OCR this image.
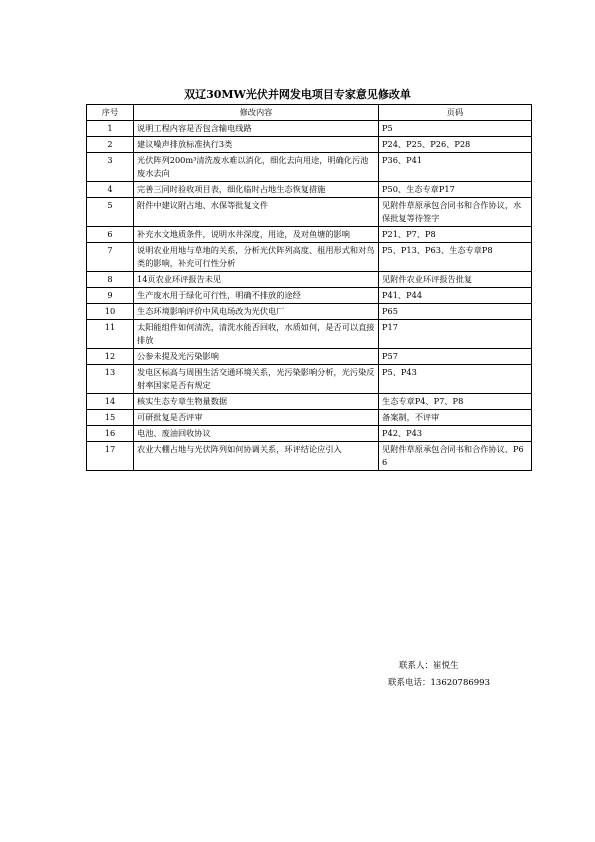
双辽30MW光伏并网发电项目专家意见修改单
序号	修改内容	页码
1	说明工程内容是否包含输电线路	P5
2	建议噪声排放标准执行3类	P24、P25、P26、P28
3	光伏阵列200m³清洗废水难以消化，细化去向用途，明确化污池废水去向	P36、P41
4	完善三同时验收项目表，细化临时占地生态恢复措施	P50、生态专章P17
5	附件中建议附占地、水保等批复文件	见附件草原承包合同书和合作协议，水保批复等待签字
6	补充水文地质条件，说明水井深度，用途，及对鱼塘的影响	P21、P7、P8
7	说明农业用地与草地的关系，分析光伏阵列高度、租用形式和对鸟类的影响，补充可行性分析	P5、P13、P63、生态专章P8
8	14页农业环评报告未见	见附件农业环评报告批复
9	生产废水用于绿化可行性，明确不排放的途经	P41、P44
10	生态环境影响评价中风电场改为光伏电厂	P65
11	太阳能组件如何清洗，清洗水能否回收，水质如何，是否可以直接排放	P17
12	公参未提及光污染影响	P57
13	发电区标高与周围生活交通环境关系，光污染影响分析，光污染反射率国家是否有规定	P5、P43
14	核实生态专章生物量数据	生态专章P4、P7、P8
15	可研批复是否评审	备案制，不评审
16	电池、废油回收协议	P42、P43
17	农业大棚占地与光伏阵列如何协调关系，环评结论应引入	见附件草原承包合同书和合作协议、P66
联系人：崔悦生
联系电话：13620786993
